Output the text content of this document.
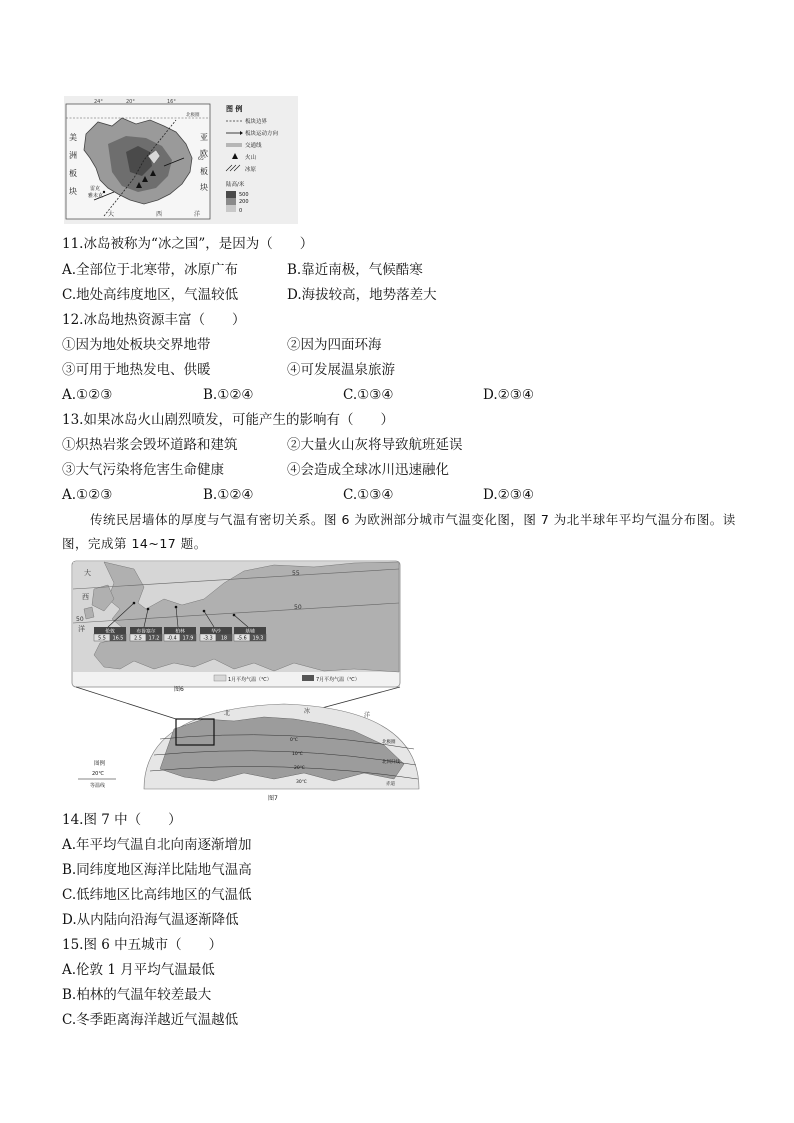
24°	20°	16°
北极圈
65°
美
洲
板
块
亚
欧
板
块
雷克
雅未克
大	西	洋
图 例
板块边界
板块运动方向
交通线
火山
冰原
陆高/米
500
200
0
11.冰岛被称为“冰之国”，是因为（　　）
A.全部位于北寒带，冰原广布	B.靠近南极，气候酷寒
C.地处高纬度地区，气温较低	D.海拔较高，地势落差大
12.冰岛地热资源丰富（　　）
①因为地处板块交界地带	②因为四面环海
③可用于地热发电、供暖	④可发展温泉旅游
A.①②③	B.①②④	C.①③④	D.②③④
13.如果冰岛火山剧烈喷发，可能产生的影响有（　　）
①炽热岩浆会毁坏道路和建筑	②大量火山灰将导致航班延误
③大气污染将危害生命健康	④会造成全球冰川迅速融化
A.①②③	B.①②④	C.①③④	D.②③④
传统民居墙体的厚度与气温有密切关系。图 6 为欧洲部分城市气温变化图，图 7 为北半球年平均气温分布图。读图，完成第 14~17 题。
55
50
50
大
西
洋	伦敦
5.5 16.5
布鲁塞尔
2.5 17.2
柏林
-0.4 17.9
华沙
-3.3 18
基辅
-5.6 19.3
1月平均气温（℃）	7月平均气温（℃）
图6
北	冰
洋
0℃
10℃
20℃
30℃
北极圈
北回归线
赤道
图例
20℃
等温线
图7
14.图 7 中（　　）
A.年平均气温自北向南逐渐增加
B.同纬度地区海洋比陆地气温高
C.低纬地区比高纬地区的气温低
D.从内陆向沿海气温逐渐降低
15.图 6 中五城市（　　）
A.伦敦 1 月平均气温最低
B.柏林的气温年较差最大
C.冬季距离海洋越近气温越低
